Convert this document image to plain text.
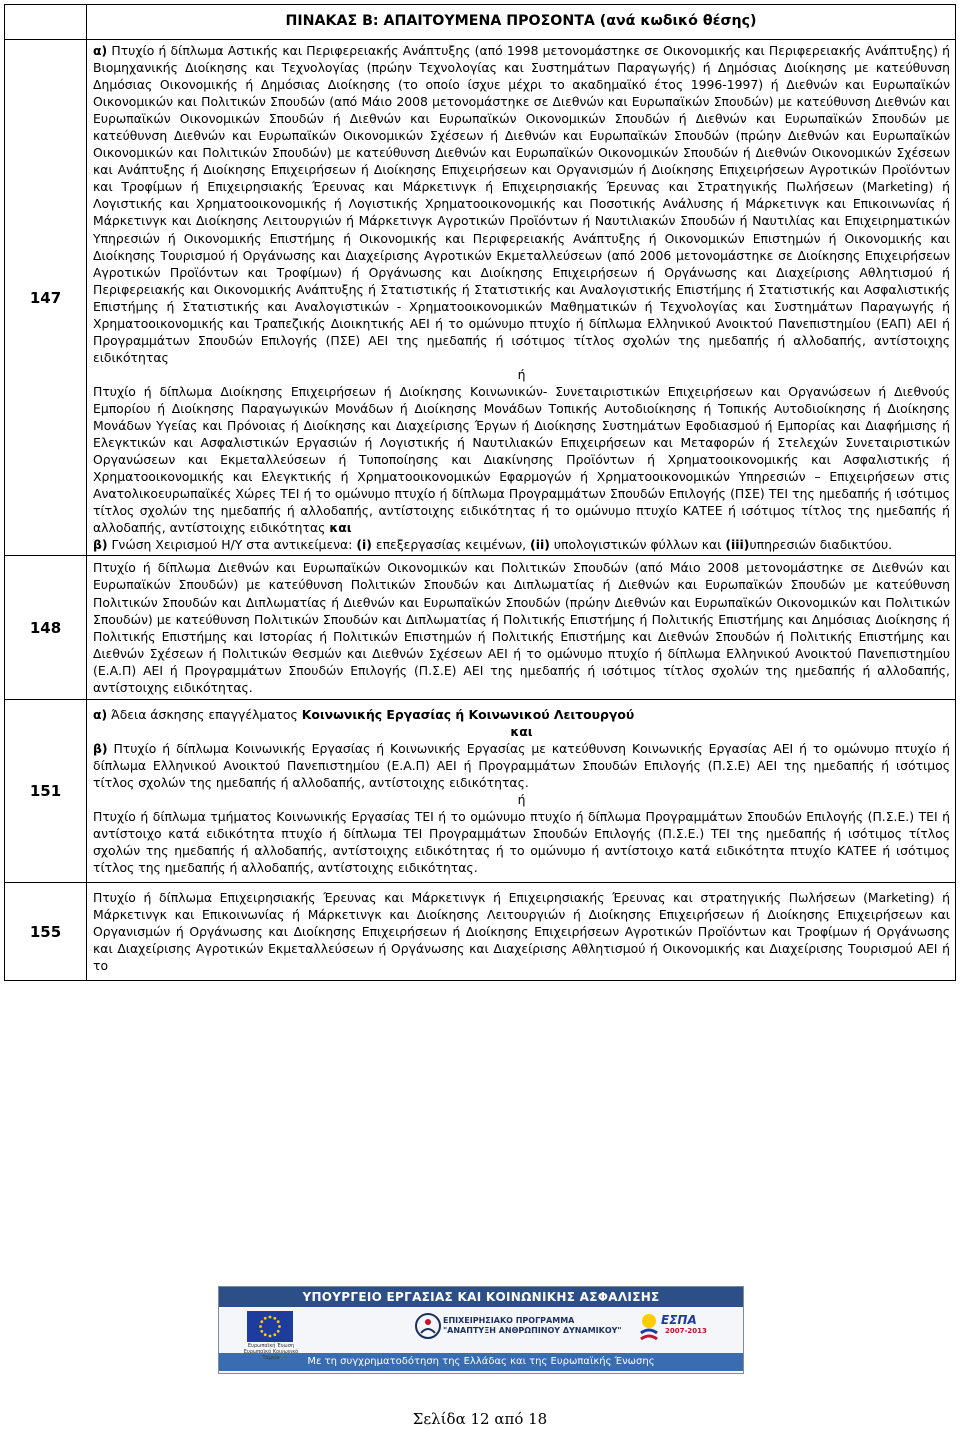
	ΠΙΝΑΚΑΣ Β: ΑΠΑΙΤΟΥΜΕΝΑ ΠΡΟΣΟΝΤΑ (ανά κωδικό θέσης)
147	α) Πτυχίο ή δίπλωμα Αστικής και Περιφερειακής Ανάπτυξης (από 1998 μετονομάστηκε σε Οικονομικής και Περιφερειακής Ανάπτυξης) ή Βιομηχανικής Διοίκησης και Τεχνολογίας (πρώην Τεχνολογίας και Συστημάτων Παραγωγής) ή Δημόσιας Διοίκησης με κατεύθυνση Δημόσιας Οικονομικής ή Δημόσιας Διοίκησης (το οποίο ίσχυε μέχρι το ακαδημαϊκό έτος 1996-1997) ή Διεθνών και Ευρωπαϊκών Οικονομικών και Πολιτικών Σπουδών (από Μάιο 2008 μετονομάστηκε σε Διεθνών και Ευρωπαϊκών Σπουδών) με κατεύθυνση Διεθνών και Ευρωπαϊκών Οικονομικών Σπουδών ή Διεθνών και Ευρωπαϊκών Οικονομικών Σπουδών ή Διεθνών και Ευρωπαϊκών Σπουδών με κατεύθυνση Διεθνών και Ευρωπαϊκών Οικονομικών Σχέσεων ή Διεθνών και Ευρωπαϊκών Σπουδών (πρώην Διεθνών και Ευρωπαϊκών Οικονομικών και Πολιτικών Σπουδών) με κατεύθυνση Διεθνών και Ευρωπαϊκών Οικονομικών Σπουδών ή Διεθνών Οικονομικών Σχέσεων και Ανάπτυξης ή Διοίκησης Επιχειρήσεων ή Διοίκησης Επιχειρήσεων και Οργανισμών ή Διοίκησης Επιχειρήσεων Αγροτικών Προϊόντων και Τροφίμων ή Επιχειρησιακής Έρευνας και Μάρκετινγκ ή Επιχειρησιακής Έρευνας και Στρατηγικής Πωλήσεων (Marketing) ή Λογιστικής και Χρηματοοικονομικής ή Λογιστικής Χρηματοοικονομικής και Ποσοτικής Ανάλυσης ή Μάρκετινγκ και Επικοινωνίας ή Μάρκετινγκ και Διοίκησης Λειτουργιών ή Μάρκετινγκ Αγροτικών Προϊόντων ή Ναυτιλιακών Σπουδών ή Ναυτιλίας και Επιχειρηματικών Υπηρεσιών ή Οικονομικής Επιστήμης ή Οικονομικής και Περιφερειακής Ανάπτυξης ή Οικονομικών Επιστημών ή Οικονομικής και Διοίκησης Τουρισμού ή Οργάνωσης και Διαχείρισης Αγροτικών Εκμεταλλεύσεων (από 2006 μετονομάστηκε σε Διοίκησης Επιχειρήσεων Αγροτικών Προϊόντων και Τροφίμων) ή Οργάνωσης και Διοίκησης Επιχειρήσεων ή Οργάνωσης και Διαχείρισης Αθλητισμού ή Περιφερειακής και Οικονομικής Ανάπτυξης ή Στατιστικής ή Στατιστικής και Αναλογιστικής Επιστήμης ή Στατιστικής και Ασφαλιστικής Επιστήμης ή Στατιστικής και Αναλογιστικών - Χρηματοοικονομικών Μαθηματικών ή Τεχνολογίας και Συστημάτων Παραγωγής ή Χρηματοοικονομικής και Τραπεζικής Διοικητικής ΑΕΙ ή το ομώνυμο πτυχίο ή δίπλωμα Ελληνικού Ανοικτού Πανεπιστημίου (ΕΑΠ) ΑΕΙ ή Προγραμμάτων Σπουδών Επιλογής (ΠΣΕ) ΑΕΙ της ημεδαπής ή ισότιμος τίτλος σχολών της ημεδαπής ή αλλοδαπής, αντίστοιχης ειδικότητας

ή

Πτυχίο ή δίπλωμα Διοίκησης Επιχειρήσεων ή Διοίκησης Κοινωνικών- Συνεταιριστικών Επιχειρήσεων και Οργανώσεων ή Διεθνούς Εμπορίου ή Διοίκησης Παραγωγικών Μονάδων ή Διοίκησης Μονάδων Τοπικής Αυτοδιοίκησης ή Τοπικής Αυτοδιοίκησης ή Διοίκησης Μονάδων Υγείας και Πρόνοιας ή Διοίκησης και Διαχείρισης Έργων ή Διοίκησης Συστημάτων Εφοδιασμού ή Εμπορίας και Διαφήμισης ή Ελεγκτικών και Ασφαλιστικών Εργασιών ή Λογιστικής ή Ναυτιλιακών Επιχειρήσεων και Μεταφορών ή Στελεχών Συνεταιριστικών Οργανώσεων και Εκμεταλλεύσεων ή Τυποποίησης και Διακίνησης Προϊόντων ή Χρηματοοικονομικής και Ασφαλιστικής ή Χρηματοοικονομικής και Ελεγκτικής ή Χρηματοοικονομικών Εφαρμογών ή Χρηματοοικονομικών Υπηρεσιών – Επιχειρήσεων στις Ανατολικοευρωπαϊκές Χώρες ΤΕΙ ή το ομώνυμο πτυχίο ή δίπλωμα Προγραμμάτων Σπουδών Επιλογής (ΠΣΕ) ΤΕΙ της ημεδαπής ή ισότιμος τίτλος σχολών της ημεδαπής ή αλλοδαπής, αντίστοιχης ειδικότητας ή το ομώνυμο πτυχίο ΚΑΤΕΕ ή ισότιμος τίτλος της ημεδαπής ή αλλοδαπής, αντίστοιχης ειδικότητας και

β) Γνώση Χειρισμού Η/Υ στα αντικείμενα: (i) επεξεργασίας κειμένων, (ii) υπολογιστικών φύλλων και (iii)υπηρεσιών διαδικτύου.

148	Πτυχίο ή δίπλωμα Διεθνών και Ευρωπαϊκών Οικονομικών και Πολιτικών Σπουδών (από Μάιο 2008 μετονομάστηκε σε Διεθνών και Ευρωπαϊκών Σπουδών) με κατεύθυνση Πολιτικών Σπουδών και Διπλωματίας ή Διεθνών και Ευρωπαϊκών Σπουδών με κατεύθυνση Πολιτικών Σπουδών και Διπλωματίας ή Διεθνών και Ευρωπαϊκών Σπουδών (πρώην Διεθνών και Ευρωπαϊκών Οικονομικών και Πολιτικών Σπουδών) με κατεύθυνση Πολιτικών Σπουδών και Διπλωματίας ή Πολιτικής Επιστήμης ή Πολιτικής Επιστήμης και Δημόσιας Διοίκησης ή Πολιτικής Επιστήμης και Ιστορίας ή Πολιτικών Επιστημών ή Πολιτικής Επιστήμης και Διεθνών Σπουδών ή Πολιτικής Επιστήμης και Διεθνών Σχέσεων ή Πολιτικών Θεσμών και Διεθνών Σχέσεων ΑΕΙ ή το ομώνυμο πτυχίο ή δίπλωμα Ελληνικού Ανοικτού Πανεπιστημίου (Ε.Α.Π) ΑΕΙ ή Προγραμμάτων Σπουδών Επιλογής (Π.Σ.Ε) ΑΕΙ της ημεδαπής ή ισότιμος τίτλος σχολών της ημεδαπής ή αλλοδαπής, αντίστοιχης ειδικότητας.

151	α) Άδεια άσκησης επαγγέλματος Κοινωνικής Εργασίας ή Κοινωνικού Λειτουργού

και

β) Πτυχίο ή δίπλωμα Κοινωνικής Εργασίας ή Κοινωνικής Εργασίας με κατεύθυνση Κοινωνικής Εργασίας ΑΕΙ ή το ομώνυμο πτυχίο ή δίπλωμα Ελληνικού Ανοικτού Πανεπιστημίου (Ε.Α.Π) ΑΕΙ ή Προγραμμάτων Σπουδών Επιλογής (Π.Σ.Ε) ΑΕΙ της ημεδαπής ή ισότιμος τίτλος σχολών της ημεδαπής ή αλλοδαπής, αντίστοιχης ειδικότητας.

ή

Πτυχίο ή δίπλωμα τμήματος Κοινωνικής Εργασίας ΤΕΙ ή το ομώνυμο πτυχίο ή δίπλωμα Προγραμμάτων Σπουδών Επιλογής (Π.Σ.Ε.) ΤΕΙ ή αντίστοιχο κατά ειδικότητα πτυχίο ή δίπλωμα ΤΕΙ Προγραμμάτων Σπουδών Επιλογής (Π.Σ.Ε.) ΤΕΙ της ημεδαπής ή ισότιμος τίτλος σχολών της ημεδαπής ή αλλοδαπής, αντίστοιχης ειδικότητας ή το ομώνυμο ή αντίστοιχο κατά ειδικότητα πτυχίο ΚΑΤΕΕ ή ισότιμος τίτλος της ημεδαπής ή αλλοδαπής, αντίστοιχης ειδικότητας.

155	Πτυχίο ή δίπλωμα Επιχειρησιακής Έρευνας και Μάρκετινγκ ή Επιχειρησιακής Έρευνας και στρατηγικής Πωλήσεων (Marketing) ή Μάρκετινγκ και Επικοινωνίας ή Μάρκετινγκ και Διοίκησης Λειτουργιών ή Διοίκησης Επιχειρήσεων ή Διοίκησης Επιχειρήσεων και Οργανισμών ή Οργάνωσης και Διοίκησης Επιχειρήσεων ή Διοίκησης Επιχειρήσεων Αγροτικών Προϊόντων και Τροφίμων ή Οργάνωσης και Διαχείρισης Αγροτικών Εκμεταλλεύσεων ή Οργάνωσης και Διαχείρισης Αθλητισμού ή Οικονομικής και Διαχείρισης Τουρισμού ΑΕΙ ή το

ΥΠΟΥΡΓΕΙΟ ΕΡΓΑΣΙΑΣ ΚΑΙ ΚΟΙΝΩΝΙΚΗΣ ΑΣΦΑΛΙΣΗΣ
Ευρωπαϊκή Ένωση Ευρωπαϊκό Κοινωνικό Ταμείο
ΕΠΙΧΕΙΡΗΣΙΑΚΟ ΠΡΟΓΡΑΜΜΑ
"ΑΝΑΠΤΥΞΗ ΑΝΘΡΩΠΙΝΟΥ ΔΥΝΑΜΙΚΟΥ"
ΕΣΠΑ
2007-2013
Με τη συγχρηματοδότηση της Ελλάδας και της Ευρωπαϊκής Ένωσης
Σελίδα 12 από 18
